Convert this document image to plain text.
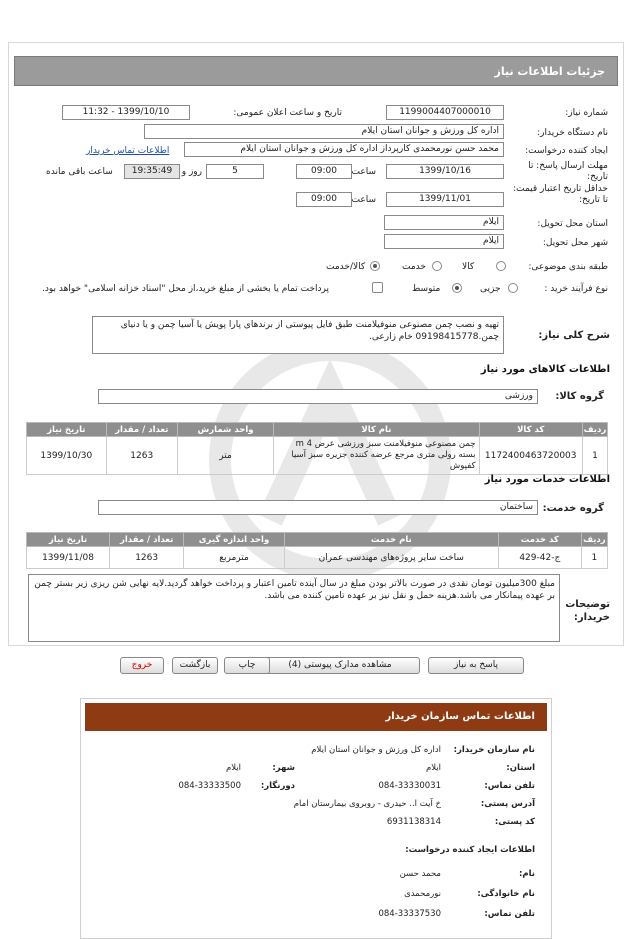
جزئیات اطلاعات نیاز
شماره نیاز:
1199004407000010
تاریخ و ساعت اعلان عمومی:
1399/10/10 - 11:32
نام دستگاه خریدار:
اداره کل ورزش و جوانان استان ایلام
ایجاد کننده درخواست:
محمد حسن نورمحمدی کارپرداز اداره کل ورزش و جوانان استان ایلام
اطلاعات تماس خریدار
مهلت ارسال پاسخ: تا تاریخ:
1399/10/16
ساعت
09:00
5
روز و
19:35:49
ساعت باقی مانده
حداقل تاریخ اعتبار قیمت: تا تاریخ:
1399/11/01
ساعت
09:00
استان محل تحویل:
ایلام
شهر محل تحویل:
ایلام
طبقه بندی موضوعی:
کالا
خدمت
کالا/خدمت
نوع فرآیند خرید :
جزیی
متوسط
پرداخت تمام یا بخشی از مبلغ خرید،از محل "اسناد خزانه اسلامی" خواهد بود.
شرح کلی نیاز:
تهیه و نصب چمن مصنوعی منوفیلامنت طبق فایل پیوستی از برندهای پارا پویش یا آسیا چمن و یا دنیای چمن.09198415778 خام زارعی.
اطلاعات کالاهای مورد نیاز
گروه کالا:
ورزشی
ردیف	کد کالا	نام کالا	واحد شمارش	تعداد / مقدار	تاریخ نیاز
1	1172400463720003	چمن مصنوعی منوفیلامنت سبز ورزشی عرض m 4 بسته رولی متری مرجع عرضه کننده جزیره سبز آسیا کفپوش	متر	1263	1399/10/30
اطلاعات خدمات مورد نیاز
گروه خدمت:
ساختمان
ردیف	کد خدمت	نام خدمت	واحد اندازه گیری	تعداد / مقدار	تاریخ نیاز
1	ج-42-429	ساخت سایر پروژه‌های مهندسی عمران	مترمربع	1263	1399/11/08
توضیحات خریدار:
مبلغ 300میلیون تومان نقدی در صورت بالاتر بودن مبلغ در سال آینده تامین اعتبار و پرداخت خواهد گردید.لایه نهایی شن ریزی زیر بستر چمن بر عهده پیمانکار می باشد.هزینه حمل و نقل نیز بر عهده تامین کننده می باشد.
پاسخ به نیاز
مشاهده مدارک پیوستی (4)
چاپ
بازگشت
خروج
اطلاعات تماس سازمان خریدار
نام سازمان خریدار:
اداره کل ورزش و جوانان استان ایلام
استان:
ایلام
شهر:
ایلام
تلفن تماس:
084-33330031
دورنگار:
084-33333500
آدرس پستی:
خ آیت ا.. حیدری - روبروی بیمارستان امام
کد پستی:
6931138314
اطلاعات ایجاد کننده درخواست:
نام:
محمد حسن
نام خانوادگی:
نورمحمدی
تلفن تماس:
084-33337530
